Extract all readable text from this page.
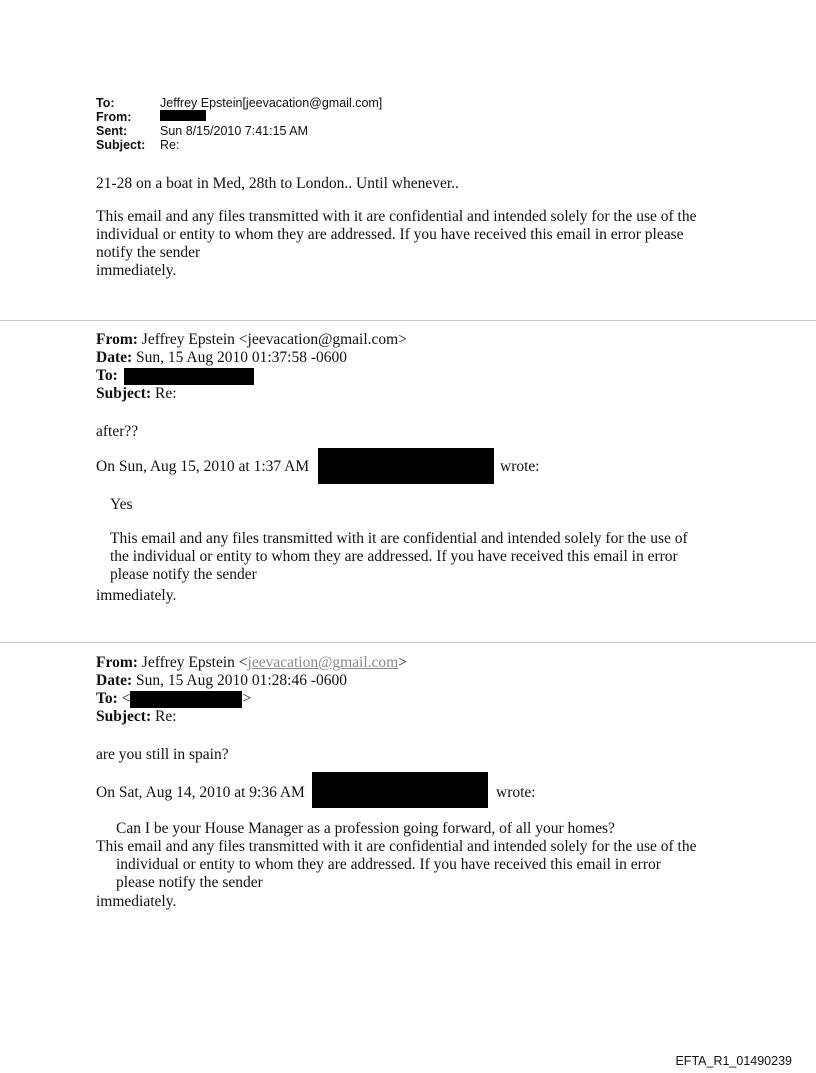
To:	Jeffrey Epstein[jeevacation@gmail.com]
From:
Sent:	Sun 8/15/2010 7:41:15 AM
Subject:	Re:
21-28 on a boat in Med, 28th to London.. Until whenever..
This email and any files transmitted with it are confidential and intended solely for the use of the
individual or entity to whom they are addressed. If you have received this email in error please
notify the sender
immediately.
From: Jeffrey Epstein <jeevacation@gmail.com>
Date: Sun, 15 Aug 2010 01:37:58 -0600
To:
Subject: Re:
after??
On Sun, Aug 15, 2010 at 1:37 AM	wrote:
Yes
This email and any files transmitted with it are confidential and intended solely for the use of
the individual or entity to whom they are addressed. If you have received this email in error
please notify the sender
immediately.
From: Jeffrey Epstein <jeevacation@gmail.com>
Date: Sun, 15 Aug 2010 01:28:46 -0600
To: <	>
Subject: Re:
are you still in spain?
On Sat, Aug 14, 2010 at 9:36 AM	wrote:
Can I be your House Manager as a profession going forward, of all your homes?
This email and any files transmitted with it are confidential and intended solely for the use of the
individual or entity to whom they are addressed. If you have received this email in error
please notify the sender
immediately.
EFTA_R1_01490239
